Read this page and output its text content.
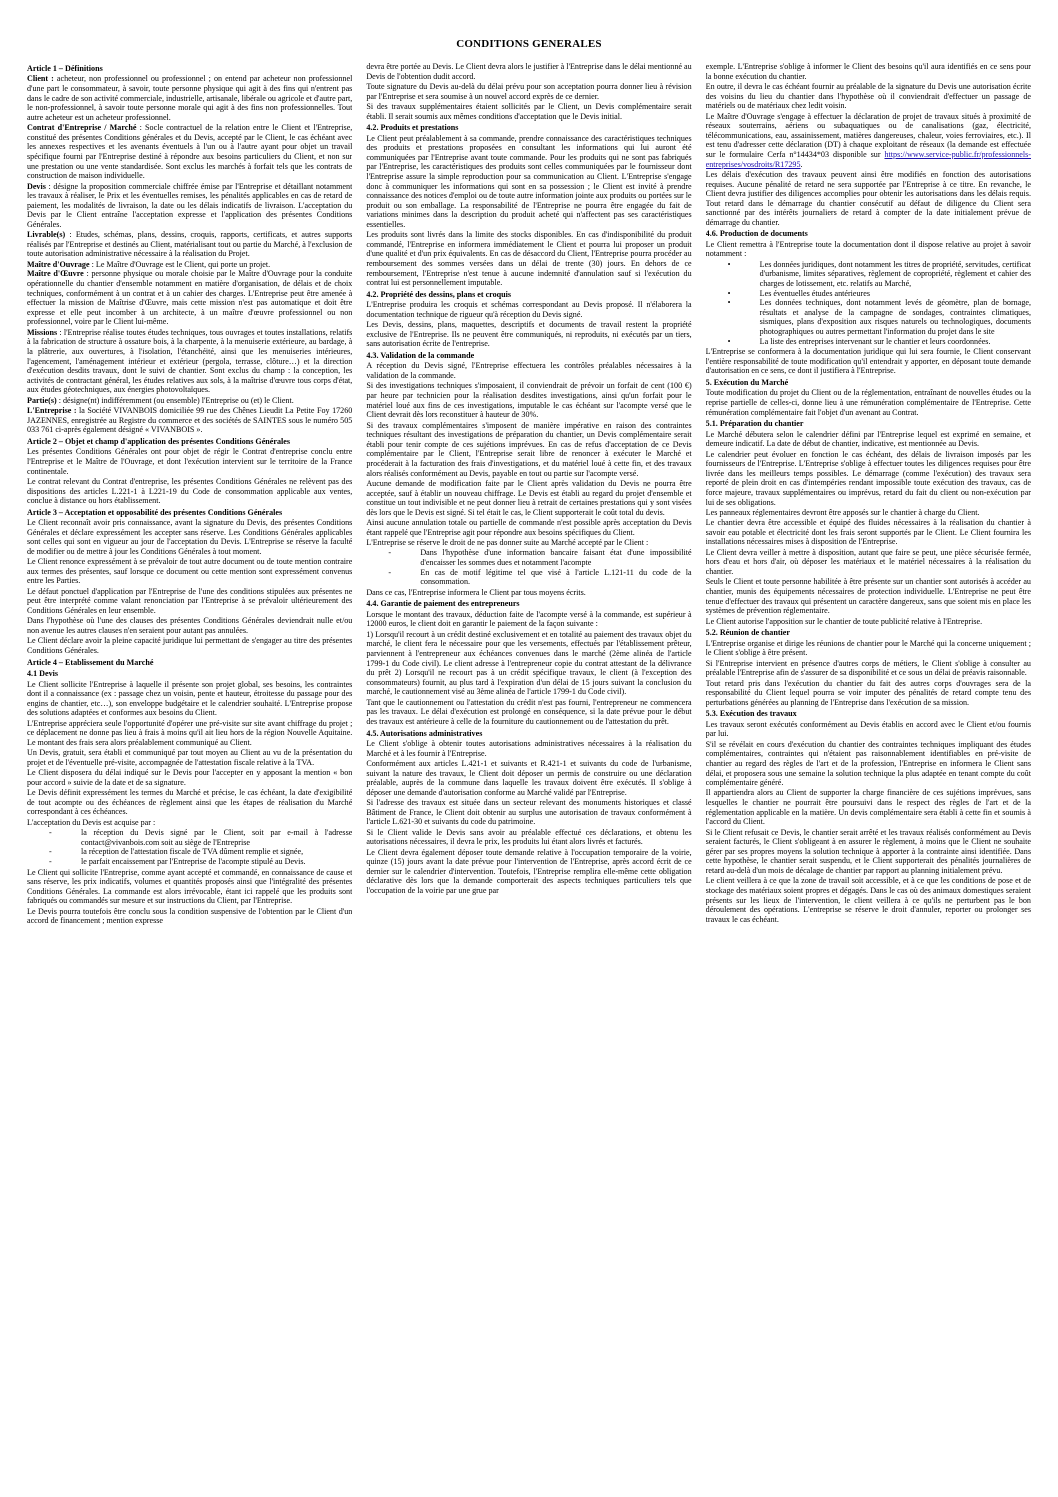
CONDITIONS GENERALES

Article 1 – Définitions

Client : acheteur, non professionnel ou professionnel ; on entend par acheteur non professionnel d'une part le consommateur, à savoir, toute personne physique qui agit à des fins qui n'entrent pas dans le cadre de son activité commerciale, industrielle, artisanale, libérale ou agricole et d'autre part, le non-professionnel, à savoir toute personne morale qui agit à des fins non professionnelles. Tout autre acheteur est un acheteur professionnel.

Contrat d'Entreprise / Marché : Socle contractuel de la relation entre le Client et l'Entreprise, constitué des présentes Conditions générales et du Devis, accepté par le Client, le cas échéant avec les annexes respectives et les avenants éventuels à l'un ou à l'autre ayant pour objet un travail spécifique fourni par l'Entreprise destiné à répondre aux besoins particuliers du Client, et non sur une prestation ou une vente standardisée. Sont exclus les marchés à forfait tels que les contrats de construction de maison individuelle.

Devis : désigne la proposition commerciale chiffrée émise par l'Entreprise et détaillant notamment les travaux à réaliser, le Prix et les éventuelles remises, les pénalités applicables en cas de retard de paiement, les modalités de livraison, la date ou les délais indicatifs de livraison. L'acceptation du Devis par le Client entraîne l'acceptation expresse et l'application des présentes Conditions Générales.

Livrable(s) : Etudes, schémas, plans, dessins, croquis, rapports, certificats, et autres supports réalisés par l'Entreprise et destinés au Client, matérialisant tout ou partie du Marché, à l'exclusion de toute autorisation administrative nécessaire à la réalisation du Projet.

Maître d'Ouvrage : Le Maître d'Ouvrage est le Client, qui porte un projet.
Maître d'Œuvre : personne physique ou morale choisie par le Maître d'Ouvrage pour la conduite opérationnelle du chantier d'ensemble notamment en matière d'organisation, de délais et de choix techniques, conformément à un contrat et à un cahier des charges. L'Entreprise peut être amenée à effectuer la mission de Maîtrise d'Œuvre, mais cette mission n'est pas automatique et doit être expresse et elle peut incomber à un architecte, à un maître d'œuvre professionnel ou non professionnel, voire par le Client lui-même.

Missions : l'Entreprise réalise toutes études techniques, tous ouvrages et toutes installations, relatifs à la fabrication de structure à ossature bois, à la charpente, à la menuiserie extérieure, au bardage, à la plâtrerie, aux ouvertures, à l'isolation, l'étanchéité, ainsi que les menuiseries intérieures, l'agencement, l'aménagement intérieur et extérieur (pergola, terrasse, clôture…) et la direction d'exécution desdits travaux, dont le suivi de chantier. Sont exclus du champ : la conception, les activités de contractant général, les études relatives aux sols, à la maîtrise d'œuvre tous corps d'état, aux études géotechniques, aux énergies photovoltaïques.

Partie(s) : désigne(nt) indifféremment (ou ensemble) l'Entreprise ou (et) le Client.

L'Entreprise : la Société VIVANBOIS domiciliée 99 rue des Chênes Lieudit La Petite Foy 17260 JAZENNES, enregistrée au Registre du commerce et des sociétés de SAINTES sous le numéro 505 033 761 ci-après également désigné « VIVANBOIS ».

Article 2 – Objet et champ d'application des présentes Conditions Générales

Les présentes Conditions Générales ont pour objet de régir le Contrat d'entreprise conclu entre l'Entreprise et le Maître de l'Ouvrage, et dont l'exécution intervient sur le territoire de la France continentale.

Le contrat relevant du Contrat d'entreprise, les présentes Conditions Générales ne relèvent pas des dispositions des articles L.221-1 à L221-19 du Code de consommation applicable aux ventes, conclue à distance ou hors établissement.

Article 3 – Acceptation et opposabilité des présentes Conditions Générales

Le Client reconnaît avoir pris connaissance, avant la signature du Devis, des présentes Conditions Générales et déclare expressément les accepter sans réserve. Les Conditions Générales applicables sont celles qui sont en vigueur au jour de l'acceptation du Devis. L'Entreprise se réserve la faculté de modifier ou de mettre à jour les Conditions Générales à tout moment.

Le Client renonce expressément à se prévaloir de tout autre document ou de toute mention contraire aux termes des présentes, sauf lorsque ce document ou cette mention sont expressément convenus entre les Parties.

Le défaut ponctuel d'application par l'Entreprise de l'une des conditions stipulées aux présentes ne peut être interprété comme valant renonciation par l'Entreprise à se prévaloir ultérieurement des Conditions Générales en leur ensemble.

Dans l'hypothèse où l'une des clauses des présentes Conditions Générales deviendrait nulle et/ou non avenue les autres clauses n'en seraient pour autant pas annulées.

Le Client déclare avoir la pleine capacité juridique lui permettant de s'engager au titre des présentes Conditions Générales.

Article 4 – Etablissement du Marché

4.1 Devis

Le Client sollicite l'Entreprise à laquelle il présente son projet global, ses besoins, les contraintes dont il a connaissance (ex : passage chez un voisin, pente et hauteur, étroitesse du passage pour des engins de chantier, etc…), son enveloppe budgétaire et le calendrier souhaité. L'Entreprise propose des solutions adaptées et conformes aux besoins du Client.

L'Entreprise appréciera seule l'opportunité d'opérer une pré-visite sur site avant chiffrage du projet ; ce déplacement ne donne pas lieu à frais à moins qu'il ait lieu hors de la région Nouvelle Aquitaine. Le montant des frais sera alors préalablement communiqué au Client.

Un Devis, gratuit, sera établi et communiqué par tout moyen au Client au vu de la présentation du projet et de l'éventuelle pré-visite, accompagnée de l'attestation fiscale relative à la TVA.

Le Client disposera du délai indiqué sur le Devis pour l'accepter en y apposant la mention « bon pour accord » suivie de la date et de sa signature.

Le Devis définit expressément les termes du Marché et précise, le cas échéant, la date d'exigibilité de tout acompte ou des échéances de règlement ainsi que les étapes de réalisation du Marché correspondant à ces échéances.

L'acceptation du Devis est acquise par :

- la réception du Devis signé par le Client, soit par e-mail à l'adresse contact@vivanbois.com soit au siège de l'Entreprise
- la réception de l'attestation fiscale de TVA dûment remplie et signée,
- le parfait encaissement par l'Entreprise de l'acompte stipulé au Devis.

Le Client qui sollicite l'Entreprise, comme ayant accepté et commandé, en connaissance de cause et sans réserve, les prix indicatifs, volumes et quantités proposés ainsi que l'intégralité des présentes Conditions Générales. La commande est alors irrévocable, étant ici rappelé que les produits sont fabriqués ou commandés sur mesure et sur instructions du Client, par l'Entreprise.

Le Devis pourra toutefois être conclu sous la condition suspensive de l'obtention par le Client d'un accord de financement ; mention expresse

devra être portée au Devis. Le Client devra alors le justifier à l'Entreprise dans le délai mentionné au Devis de l'obtention dudit accord.

Toute signature du Devis au-delà du délai prévu pour son acceptation pourra donner lieu à révision par l'Entreprise et sera soumise à un nouvel accord exprès de ce dernier.

Si des travaux supplémentaires étaient sollicités par le Client, un Devis complémentaire serait établi. Il serait soumis aux mêmes conditions d'acceptation que le Devis initial.

4.2. Produits et prestations

Le Client peut préalablement à sa commande, prendre connaissance des caractéristiques techniques des produits et prestations proposées en consultant les informations qui lui auront été communiquées par l'Entreprise avant toute commande. Pour les produits qui ne sont pas fabriqués par l'Entreprise, les caractéristiques des produits sont celles communiquées par le fournisseur dont l'Entreprise assure la simple reproduction pour sa communication au Client. L'Entreprise s'engage donc à communiquer les informations qui sont en sa possession ; le Client est invité à prendre connaissance des notices d'emploi ou de toute autre information jointe aux produits ou portées sur le produit ou son emballage. La responsabilité de l'Entreprise ne pourra être engagée du fait de variations minimes dans la description du produit acheté qui n'affectent pas ses caractéristiques essentielles.

Les produits sont livrés dans la limite des stocks disponibles. En cas d'indisponibilité du produit commandé, l'Entreprise en informera immédiatement le Client et pourra lui proposer un produit d'une qualité et d'un prix équivalents. En cas de désaccord du Client, l'Entreprise pourra procéder au remboursement des sommes versées dans un délai de trente (30) jours. En dehors de ce remboursement, l'Entreprise n'est tenue à aucune indemnité d'annulation sauf si l'exécution du contrat lui est personnellement imputable.

4.2. Propriété des dessins, plans et croquis

L'Entreprise produira les croquis et schémas correspondant au Devis proposé. Il n'élaborera la documentation technique de rigueur qu'à réception du Devis signé.

Les Devis, dessins, plans, maquettes, descriptifs et documents de travail restent la propriété exclusive de l'Entreprise. Ils ne peuvent être communiqués, ni reproduits, ni exécutés par un tiers, sans autorisation écrite de l'entreprise.

4.3. Validation de la commande

A réception du Devis signé, l'Entreprise effectuera les contrôles préalables nécessaires à la validation de la commande.

Si des investigations techniques s'imposaient, il conviendrait de prévoir un forfait de cent (100 €) par heure par technicien pour la réalisation desdites investigations, ainsi qu'un forfait pour le matériel loué aux fins de ces investigations, imputable le cas échéant sur l'acompte versé que le Client devrait dès lors reconstituer à hauteur de 30%.

Si des travaux complémentaires s'imposent de manière impérative en raison des contraintes techniques résultant des investigations de préparation du chantier, un Devis complémentaire serait établi pour tenir compte de ces sujétions imprévues. En cas de refus d'acceptation de ce Devis complémentaire par le Client, l'Entreprise serait libre de renoncer à exécuter le Marché et procéderait à la facturation des frais d'investigations, et du matériel loué à cette fin, et des travaux alors réalisés conformément au Devis, payable en tout ou partie sur l'acompte versé.

Aucune demande de modification faite par le Client après validation du Devis ne pourra être acceptée, sauf à établir un nouveau chiffrage. Le Devis est établi au regard du projet d'ensemble et constitue un tout indivisible et ne peut donner lieu à retrait de certaines prestations qui y sont visées dès lors que le Devis est signé. Si tel était le cas, le Client supporterait le coût total du devis.

Ainsi aucune annulation totale ou partielle de commande n'est possible après acceptation du Devis étant rappelé que l'Entreprise agit pour répondre aux besoins spécifiques du Client.

L'Entreprise se réserve le droit de ne pas donner suite au Marché accepté par le Client :

- Dans l'hypothèse d'une information bancaire faisant état d'une impossibilité d'encaisser les sommes dues et notamment l'acompte
- En cas de motif légitime tel que visé à l'article L.121-11 du code de la consommation.

Dans ce cas, l'Entreprise informera le Client par tous moyens écrits.

4.4. Garantie de paiement des entrepreneurs

Lorsque le montant des travaux, déduction faite de l'acompte versé à la commande, est supérieur à 12000 euros, le client doit en garantir le paiement de la façon suivante :

1) Lorsqu'il recourt à un crédit destiné exclusivement et en totalité au paiement des travaux objet du marché, le client fera le nécessaire pour que les versements, effectués par l'établissement prêteur, parviennent à l'entrepreneur aux échéances convenues dans le marché (2ème alinéa de l'article 1799-1 du Code civil). Le client adresse à l'entrepreneur copie du contrat attestant de la délivrance du prêt 2) Lorsqu'il ne recourt pas à un crédit spécifique travaux, le client (à l'exception des consommateurs) fournit, au plus tard à l'expiration d'un délai de 15 jours suivant la conclusion du marché, le cautionnement visé au 3ème alinéa de l'article 1799-1 du Code civil).

Tant que le cautionnement ou l'attestation du crédit n'est pas fourni, l'entrepreneur ne commencera pas les travaux. Le délai d'exécution est prolongé en conséquence, si la date prévue pour le début des travaux est antérieure à celle de la fourniture du cautionnement ou de l'attestation du prêt.

4.5. Autorisations administratives

Le Client s'oblige à obtenir toutes autorisations administratives nécessaires à la réalisation du Marché et à les fournir à l'Entreprise.

Conformément aux articles L.421-1 et suivants et R.421-1 et suivants du code de l'urbanisme, suivant la nature des travaux, le Client doit déposer un permis de construire ou une déclaration préalable, auprès de la commune dans laquelle les travaux doivent être exécutés. Il s'oblige à déposer une demande d'autorisation conforme au Marché validé par l'Entreprise.

Si l'adresse des travaux est située dans un secteur relevant des monuments historiques et classé Bâtiment de France, le Client doit obtenir au surplus une autorisation de travaux conformément à l'article L.621-30 et suivants du code du patrimoine.

Si le Client valide le Devis sans avoir au préalable effectué ces déclarations, et obtenu les autorisations nécessaires, il devra le prix, les produits lui étant alors livrés et facturés.

Le Client devra également déposer toute demande relative à l'occupation temporaire de la voirie, quinze (15) jours avant la date prévue pour l'intervention de l'Entreprise, après accord écrit de ce dernier sur le calendrier d'intervention. Toutefois, l'Entreprise remplira elle-même cette obligation déclarative dès lors que la demande comporterait des aspects techniques particuliers tels que l'occupation de la voirie par une grue par

exemple. L'Entreprise s'oblige à informer le Client des besoins qu'il aura identifiés en ce sens pour la bonne exécution du chantier.

En outre, il devra le cas échéant fournir au préalable de la signature du Devis une autorisation écrite des voisins du lieu du chantier dans l'hypothèse où il conviendrait d'effectuer un passage de matériels ou de matériaux chez ledit voisin.

Le Maître d'Ouvrage s'engage à effectuer la déclaration de projet de travaux situés à proximité de réseaux souterrains, aériens ou subaquatiques ou de canalisations (gaz, électricité, télécommunications, eau, assainissement, matières dangereuses, chaleur, voies ferroviaires, etc.). Il est tenu d'adresser cette déclaration (DT) à chaque exploitant de réseaux (la demande est effectuée sur le formulaire Cerfa n°14434*03 disponible sur https://www.service-public.fr/professionnels-entreprises/vosdroits/R17295.

Les délais d'exécution des travaux peuvent ainsi être modifiés en fonction des autorisations requises. Aucune pénalité de retard ne sera supportée par l'Entreprise à ce titre. En revanche, le Client devra justifier des diligences accomplies pour obtenir les autorisations dans les délais requis. Tout retard dans le démarrage du chantier consécutif au défaut de diligence du Client sera sanctionné par des intérêts journaliers de retard à compter de la date initialement prévue de démarrage du chantier.

4.6. Production de documents

Le Client remettra à l'Entreprise toute la documentation dont il dispose relative au projet à savoir notamment :

• Les données juridiques, dont notamment les titres de propriété, servitudes, certificat d'urbanisme, limites séparatives, règlement de copropriété, règlement et cahier des charges de lotissement, etc. relatifs au Marché,
• Les éventuelles études antérieures
• Les données techniques, dont notamment levés de géomètre, plan de bornage, résultats et analyse de la campagne de sondages, contraintes climatiques, sismiques, plans d'exposition aux risques naturels ou technologiques, documents photographiques ou autres permettant l'information du projet dans le site
• La liste des entreprises intervenant sur le chantier et leurs coordonnées.

L'Entreprise se conformera à la documentation juridique qui lui sera fournie, le Client conservant l'entière responsabilité de toute modification qu'il entendrait y apporter, en déposant toute demande d'autorisation en ce sens, ce dont il justifiera à l'Entreprise.

5. Exécution du Marché

Toute modification du projet du Client ou de la réglementation, entraînant de nouvelles études ou la reprise partielle de celles-ci, donne lieu à une rémunération complémentaire de l'Entreprise. Cette rémunération complémentaire fait l'objet d'un avenant au Contrat.

5.1. Préparation du chantier

Le Marché débutera selon le calendrier défini par l'Entreprise lequel est exprimé en semaine, et demeure indicatif. La date de début de chantier, indicative, est mentionnée au Devis.

Le calendrier peut évoluer en fonction le cas échéant, des délais de livraison imposés par les fournisseurs de l'Entreprise. L'Entreprise s'oblige à effectuer toutes les diligences requises pour être livrée dans les meilleurs temps possibles. Le démarrage (comme l'exécution) des travaux sera reporté de plein droit en cas d'intempéries rendant impossible toute exécution des travaux, cas de force majeure, travaux supplémentaires ou imprévus, retard du fait du client ou non-exécution par lui de ses obligations.

Les panneaux réglementaires devront être apposés sur le chantier à charge du Client.

Le chantier devra être accessible et équipé des fluides nécessaires à la réalisation du chantier à savoir eau potable et électricité dont les frais seront supportés par le Client. Le Client fournira les installations nécessaires mises à disposition de l'Entreprise.

Le Client devra veiller à mettre à disposition, autant que faire se peut, une pièce sécurisée fermée, hors d'eau et hors d'air, où déposer les matériaux et le matériel nécessaires à la réalisation du chantier.

Seuls le Client et toute personne habilitée à être présente sur un chantier sont autorisés à accéder au chantier, munis des équipements nécessaires de protection individuelle. L'Entreprise ne peut être tenue d'effectuer des travaux qui présentent un caractère dangereux, sans que soient mis en place les systèmes de prévention réglementaire.

Le Client autorise l'apposition sur le chantier de toute publicité relative à l'Entreprise.

5.2. Réunion de chantier

L'Entreprise organise et dirige les réunions de chantier pour le Marché qui la concerne uniquement ; le Client s'oblige à être présent.

Si l'Entreprise intervient en présence d'autres corps de métiers, le Client s'oblige à consulter au préalable l'Entreprise afin de s'assurer de sa disponibilité et ce sous un délai de préavis raisonnable.

Tout retard pris dans l'exécution du chantier du fait des autres corps d'ouvrages sera de la responsabilité du Client lequel pourra se voir imputer des pénalités de retard compte tenu des perturbations générées au planning de l'Entreprise dans l'exécution de sa mission.

5.3. Exécution des travaux

Les travaux seront exécutés conformément au Devis établis en accord avec le Client et/ou fournis par lui.

S'il se révélait en cours d'exécution du chantier des contraintes techniques impliquant des études complémentaires, contraintes qui n'étaient pas raisonnablement identifiables en pré-visite de chantier au regard des règles de l'art et de la profession, l'Entreprise en informera le Client sans délai, et proposera sous une semaine la solution technique la plus adaptée en tenant compte du coût complémentaire généré.

Il appartiendra alors au Client de supporter la charge financière de ces sujétions imprévues, sans lesquelles le chantier ne pourrait être poursuivi dans le respect des règles de l'art et de la réglementation applicable en la matière. Un devis complémentaire sera établi à cette fin et soumis à l'accord du Client.

Si le Client refusait ce Devis, le chantier serait arrêté et les travaux réalisés conformément au Devis seraient facturés, le Client s'obligeant à en assurer le règlement, à moins que le Client ne souhaite gérer par ses propres moyens la solution technique à apporter à la contrainte ainsi identifiée. Dans cette hypothèse, le chantier serait suspendu, et le Client supporterait des pénalités journalières de retard au-delà d'un mois de décalage de chantier par rapport au planning initialement prévu.

Le client veillera à ce que la zone de travail soit accessible, et à ce que les conditions de pose et de stockage des matériaux soient propres et dégagés. Dans le cas où des animaux domestiques seraient présents sur les lieux de l'intervention, le client veillera à ce qu'ils ne perturbent pas le bon déroulement des opérations. L'entreprise se réserve le droit d'annuler, reporter ou prolonger ses travaux le cas échéant.
